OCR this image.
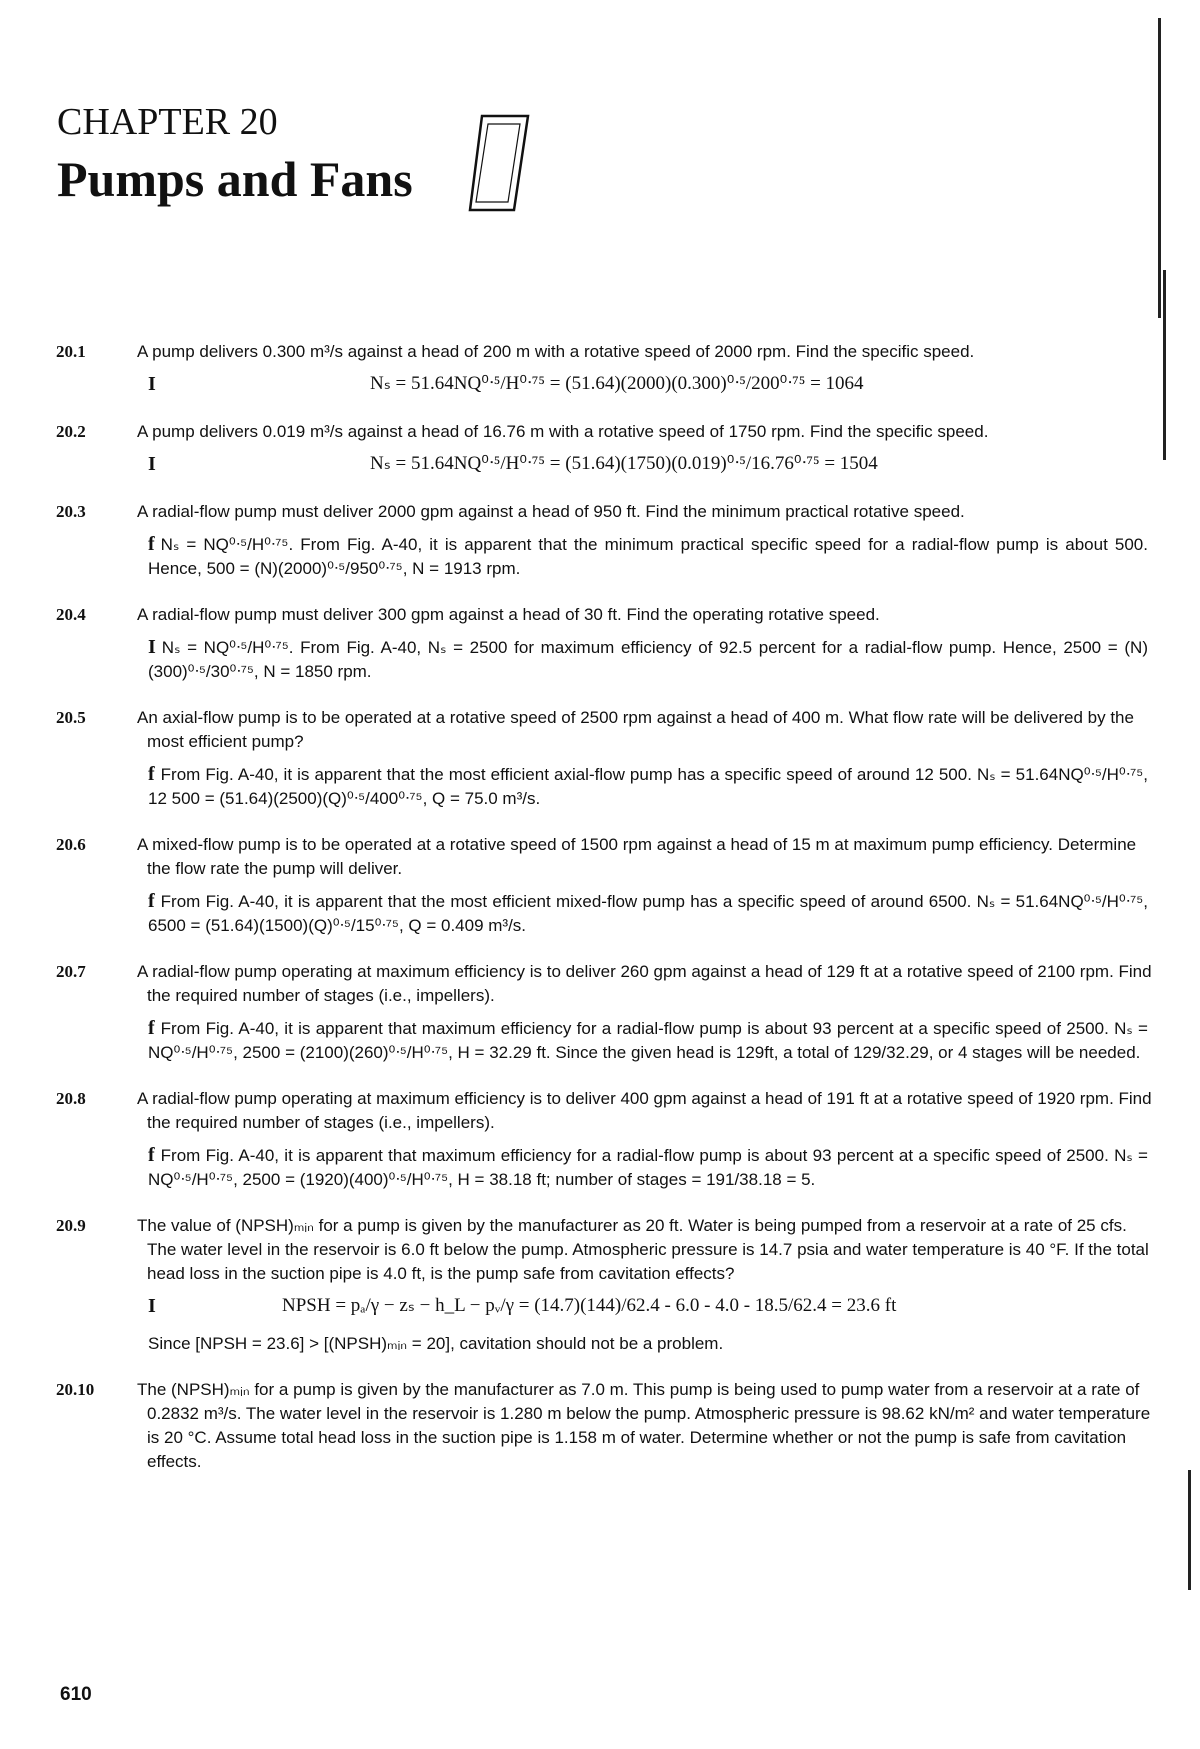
CHAPTER 20
Pumps and Fans
20.1	A pump delivers 0.300 m³/s against a head of 200 m with a rotative speed of 2000 rpm. Find the specific speed.
I	Nₛ = 51.64NQ⁰ᐧ⁵/H⁰ᐧ⁷⁵ = (51.64)(2000)(0.300)⁰ᐧ⁵/200⁰ᐧ⁷⁵ = 1064
20.2	A pump delivers 0.019 m³/s against a head of 16.76 m with a rotative speed of 1750 rpm. Find the specific speed.
I	Nₛ = 51.64NQ⁰ᐧ⁵/H⁰ᐧ⁷⁵ = (51.64)(1750)(0.019)⁰ᐧ⁵/16.76⁰ᐧ⁷⁵ = 1504
20.3	A radial-flow pump must deliver 2000 gpm against a head of 950 ft. Find the minimum practical rotative speed.
f Nₛ = NQ⁰ᐧ⁵/H⁰ᐧ⁷⁵. From Fig. A-40, it is apparent that the minimum practical specific speed for a radial-flow pump is about 500. Hence, 500 = (N)(2000)⁰ᐧ⁵/950⁰ᐧ⁷⁵, N = 1913 rpm.
20.4	A radial-flow pump must deliver 300 gpm against a head of 30 ft. Find the operating rotative speed.
I Nₛ = NQ⁰ᐧ⁵/H⁰ᐧ⁷⁵. From Fig. A-40, Nₛ = 2500 for maximum efficiency of 92.5 percent for a radial-flow pump. Hence, 2500 = (N)(300)⁰ᐧ⁵/30⁰ᐧ⁷⁵, N = 1850 rpm.
20.5	An axial-flow pump is to be operated at a rotative speed of 2500 rpm against a head of 400 m. What flow rate will be delivered by the most efficient pump?
f From Fig. A-40, it is apparent that the most efficient axial-flow pump has a specific speed of around 12 500. Nₛ = 51.64NQ⁰ᐧ⁵/H⁰ᐧ⁷⁵, 12 500 = (51.64)(2500)(Q)⁰ᐧ⁵/400⁰ᐧ⁷⁵, Q = 75.0 m³/s.
20.6	A mixed-flow pump is to be operated at a rotative speed of 1500 rpm against a head of 15 m at maximum pump efficiency. Determine the flow rate the pump will deliver.
f From Fig. A-40, it is apparent that the most efficient mixed-flow pump has a specific speed of around 6500. Nₛ = 51.64NQ⁰ᐧ⁵/H⁰ᐧ⁷⁵, 6500 = (51.64)(1500)(Q)⁰ᐧ⁵/15⁰ᐧ⁷⁵, Q = 0.409 m³/s.
20.7	A radial-flow pump operating at maximum efficiency is to deliver 260 gpm against a head of 129 ft at a rotative speed of 2100 rpm. Find the required number of stages (i.e., impellers).
f From Fig. A-40, it is apparent that maximum efficiency for a radial-flow pump is about 93 percent at a specific speed of 2500. Nₛ = NQ⁰ᐧ⁵/H⁰ᐧ⁷⁵, 2500 = (2100)(260)⁰ᐧ⁵/H⁰ᐧ⁷⁵, H = 32.29 ft. Since the given head is 129ft, a total of 129/32.29, or 4 stages will be needed.
20.8	A radial-flow pump operating at maximum efficiency is to deliver 400 gpm against a head of 191 ft at a rotative speed of 1920 rpm. Find the required number of stages (i.e., impellers).
f From Fig. A-40, it is apparent that maximum efficiency for a radial-flow pump is about 93 percent at a specific speed of 2500. Nₛ = NQ⁰ᐧ⁵/H⁰ᐧ⁷⁵, 2500 = (1920)(400)⁰ᐧ⁵/H⁰ᐧ⁷⁵, H = 38.18 ft; number of stages = 191/38.18 = 5.
20.9	The value of (NPSH)ₘᵢₙ for a pump is given by the manufacturer as 20 ft. Water is being pumped from a reservoir at a rate of 25 cfs. The water level in the reservoir is 6.0 ft below the pump. Atmospheric pressure is 14.7 psia and water temperature is 40 °F. If the total head loss in the suction pipe is 4.0 ft, is the pump safe from cavitation effects?
I	NPSH = pₐ/γ − zₛ − h_L − pᵥ/γ = (14.7)(144)/62.4 - 6.0 - 4.0 - 18.5/62.4 = 23.6 ft
Since [NPSH = 23.6] > [(NPSH)ₘᵢₙ = 20], cavitation should not be a problem.
20.10	The (NPSH)ₘᵢₙ for a pump is given by the manufacturer as 7.0 m. This pump is being used to pump water from a reservoir at a rate of 0.2832 m³/s. The water level in the reservoir is 1.280 m below the pump. Atmospheric pressure is 98.62 kN/m² and water temperature is 20 °C. Assume total head loss in the suction pipe is 1.158 m of water. Determine whether or not the pump is safe from cavitation effects.
610
